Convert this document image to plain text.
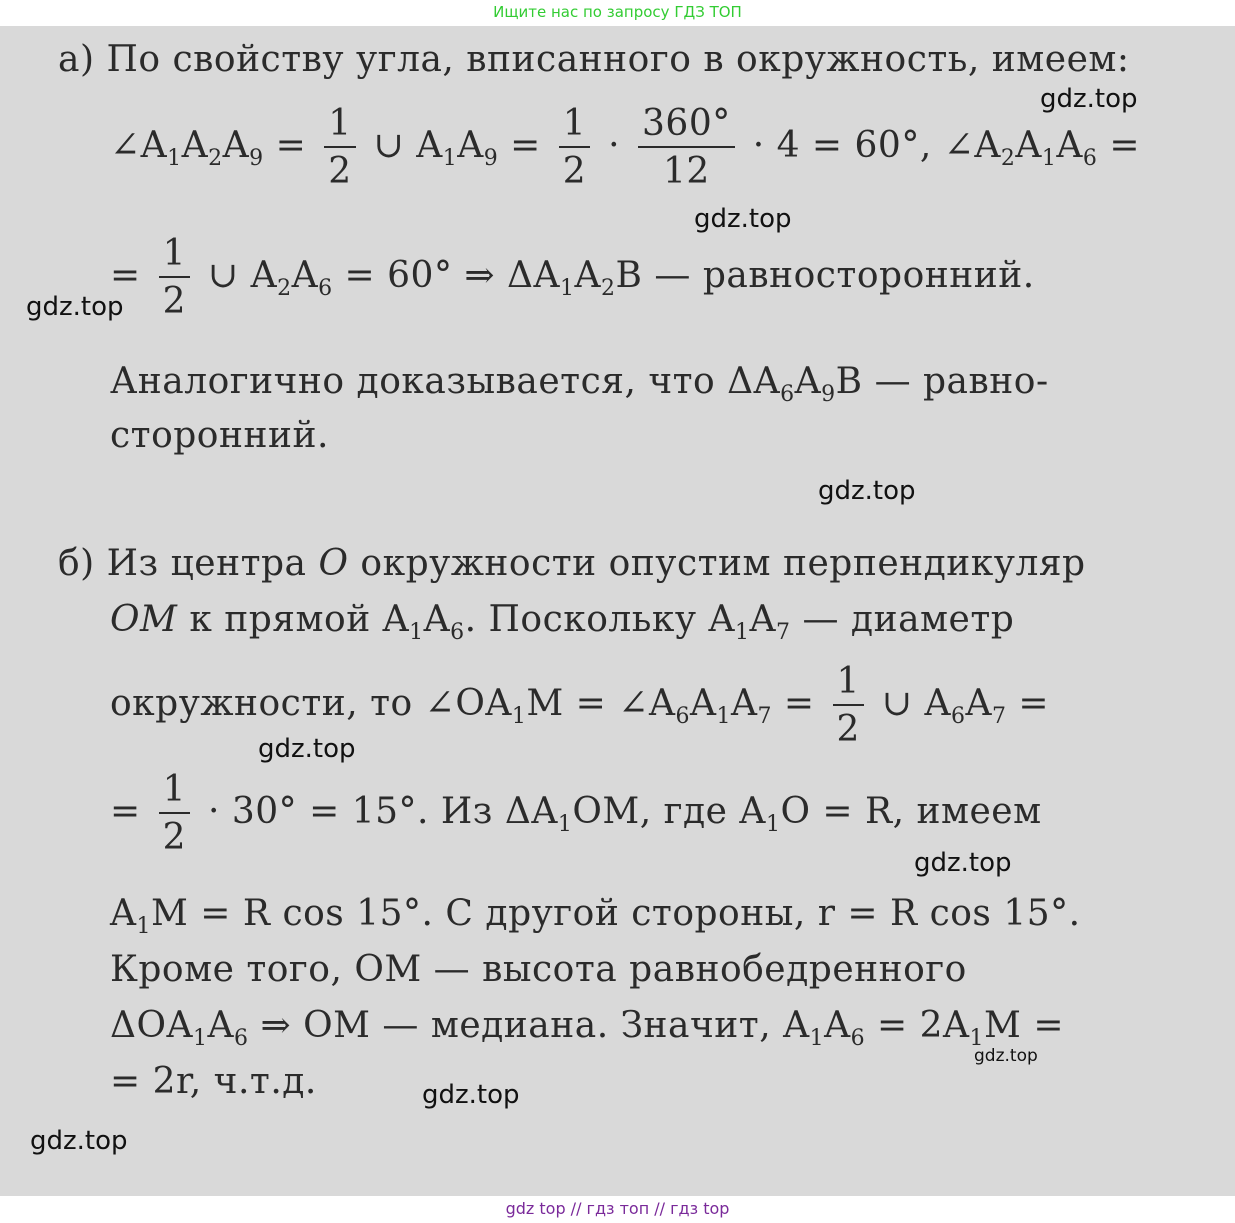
Ищите нас по запросу ГДЗ ТОП
а) По свойству угла, вписанного в окружность, имеем:
$\angle A_1A_2A_9 = \frac{1}{2}$ ∪ $A_1A_9 = \frac{1}{2} \cdot \frac{360^\circ}{12} \cdot 4 = 60^\circ$, $\angle A_2A_1A_6$ =
= $\frac{1}{2}$ ∪ $A_2A_6 = 60^\circ$ ⇒ $\Delta A_1A_2B$ — равносторонний.
Аналогично доказывается, что $\Delta A_6A_9B$ — равно-
сторонний.
б) Из центра O окружности опустим перпендикуляр
OM к прямой $A_1A_6$. Поскольку $A_1A_7$ — диаметр
окружности, то $\angle OA_1M$ = $\angle A_6A_1A_7 = \frac{1}{2}$ ∪ $A_6A_7$ =
= $\frac{1}{2} \cdot 30^\circ = 15^\circ$. Из $\Delta A_1OM$, где $A_1O = R$, имеем
$A_1M = R$ cos 15°. С другой стороны, r = R cos 15°.
Кроме того, OM — высота равнобедренного
$\Delta OA_1A_6$ ⇒ OM — медиана. Значит, $A_1A_6 = 2A_1M$ =
= 2r, ч.т.д.
gdz.top
gdz.top
gdz.top
gdz.top
gdz.top
gdz.top
gdz.top
gdz.top
gdz.top
gdz top // гдз топ // гдз top
